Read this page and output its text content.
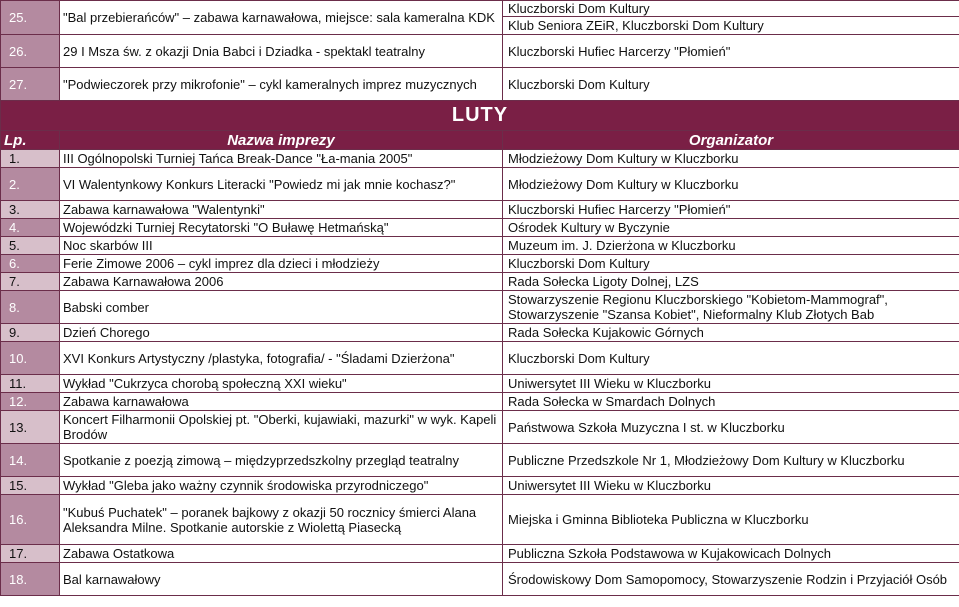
25.	"Bal przebierańców" – zabawa karnawałowa, miejsce: sala kameralna KDK	Kluczborski Dom Kultury
		Klub Seniora ZEiR, Kluczborski Dom Kultury
26.	29 I Msza św. z okazji Dnia Babci i Dziadka - spektakl teatralny	Kluczborski Hufiec Harcerzy "Płomień"
27.	"Podwieczorek przy mikrofonie" – cykl kameralnych imprez muzycznych	Kluczborski Dom Kultury
LUTY		
Lp.	Nazwa imprezy	Organizator
1.	III Ogólnopolski Turniej Tańca Break-Dance "Ła-mania 2005"	Młodzieżowy Dom Kultury w Kluczborku
2.	VI Walentynkowy Konkurs Literacki "Powiedz mi jak mnie kochasz?"	Młodzieżowy Dom Kultury w Kluczborku
3.	Zabawa karnawałowa "Walentynki"	Kluczborski Hufiec Harcerzy "Płomień"
4.	Wojewódzki Turniej Recytatorski "O Buławę Hetmańską"	Ośrodek Kultury w Byczynie
5.	Noc skarbów III	Muzeum im. J. Dzierżona w Kluczborku
6.	Ferie Zimowe 2006 – cykl imprez dla dzieci i młodzieży	Kluczborski Dom Kultury
7.	Zabawa Karnawałowa 2006	Rada Sołecka Ligoty Dolnej, LZS
8.	Babski comber	Stowarzyszenie Regionu Kluczborskiego "Kobietom-Mammograf", Stowarzyszenie "Szansa Kobiet", Nieformalny Klub Złotych Bab
9.	Dzień Chorego	Rada Sołecka Kujakowic Górnych
10.	XVI Konkurs Artystyczny /plastyka, fotografia/ - "Śladami Dzierżona"	Kluczborski Dom Kultury
11.	Wykład "Cukrzyca chorobą społeczną XXI wieku"	Uniwersytet III Wieku w Kluczborku
12.	Zabawa karnawałowa	Rada Sołecka w Smardach Dolnych
13.	Koncert Filharmonii Opolskiej pt. "Oberki, kujawiaki, mazurki" w wyk. Kapeli Brodów	Państwowa Szkoła Muzyczna I st. w Kluczborku
14.	Spotkanie z poezją zimową – międzyprzedszkolny przegląd teatralny	Publiczne Przedszkole Nr 1, Młodzieżowy Dom Kultury w Kluczborku
15.	Wykład "Gleba jako ważny czynnik środowiska przyrodniczego"	Uniwersytet III Wieku w Kluczborku
16.	"Kubuś Puchatek" – poranek bajkowy z okazji 50 rocznicy śmierci Alana Aleksandra Milne. Spotkanie autorskie z Wiolettą Piasecką	Miejska i Gminna Biblioteka Publiczna w Kluczborku
17.	Zabawa Ostatkowa	Publiczna Szkoła Podstawowa w Kujakowicach Dolnych
18.	Bal karnawałowy	Środowiskowy Dom Samopomocy, Stowarzyszenie Rodzin i Przyjaciół Osób
